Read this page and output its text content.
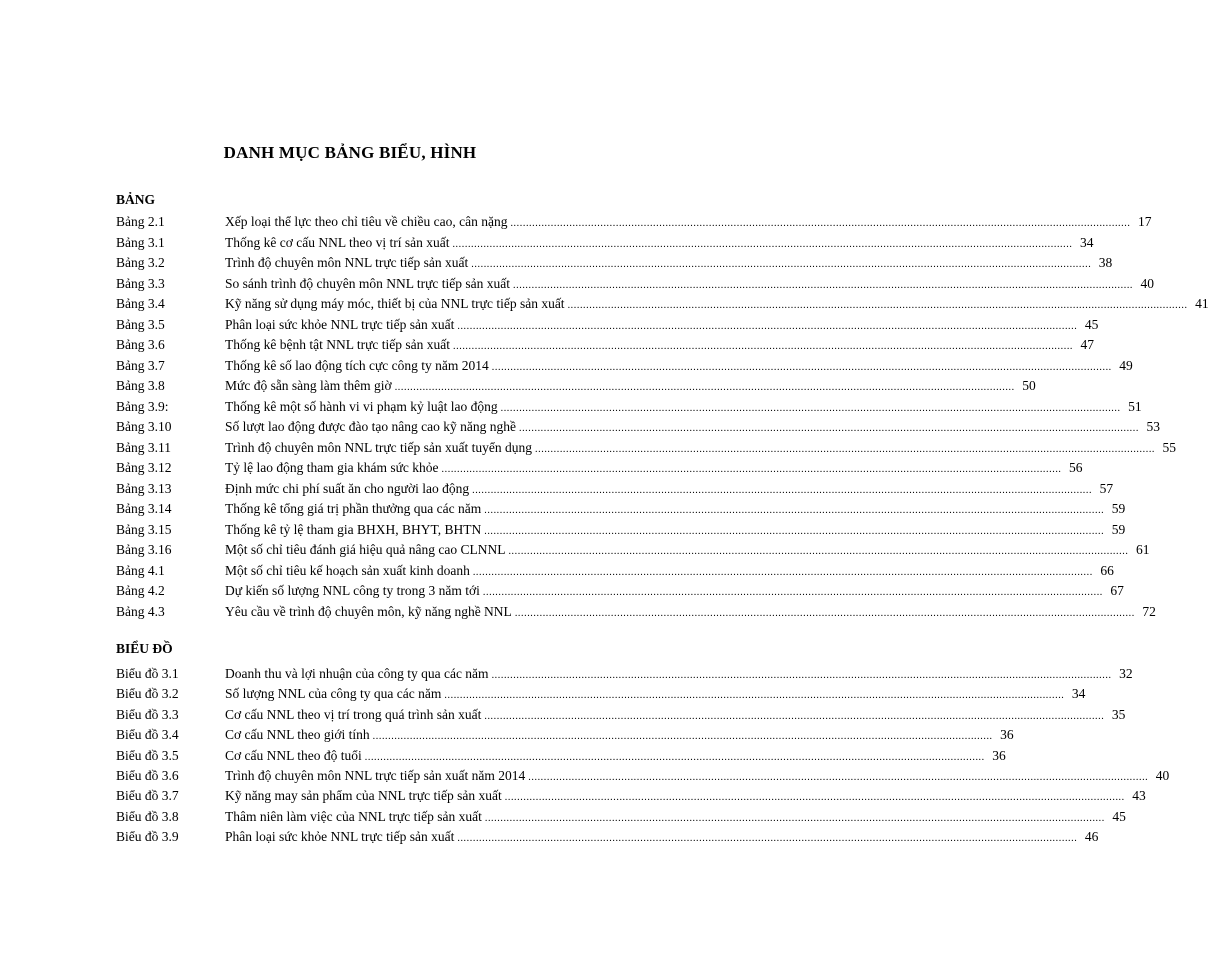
DANH MỤC BẢNG BIỂU, HÌNH
BẢNG
Bảng 2.1	Xếp loại thể lực theo chỉ tiêu về chiều cao, cân nặng ........................................................................................................................................................................................................ 17
Bảng 3.1	Thống kê cơ cấu NNL theo vị trí sản xuất ........................................................................................................................................................................................................ 34
Bảng 3.2	Trình độ chuyên môn NNL trực tiếp sản xuất ........................................................................................................................................................................................................ 38
Bảng 3.3	So sánh trình độ chuyên môn NNL trực tiếp sản xuất ........................................................................................................................................................................................................ 40
Bảng 3.4	Kỹ năng sử dụng máy móc, thiết bị của NNL trực tiếp sản xuất ........................................................................................................................................................................................................ 41
Bảng 3.5	Phân loại sức khỏe NNL trực tiếp sản xuất ........................................................................................................................................................................................................ 45
Bảng 3.6	Thống kê bệnh tật NNL trực tiếp sản xuất ........................................................................................................................................................................................................ 47
Bảng 3.7	Thống kê số lao động tích cực công ty năm 2014 ........................................................................................................................................................................................................ 49
Bảng 3.8	Mức độ sẵn sàng làm thêm giờ ........................................................................................................................................................................................................ 50
Bảng 3.9:	Thống kê một số hành vi vi phạm kỷ luật lao động ........................................................................................................................................................................................................ 51
Bảng 3.10	Số lượt lao động được đào tạo nâng cao kỹ năng nghề ........................................................................................................................................................................................................ 53
Bảng 3.11	Trình độ chuyên môn NNL trực tiếp sản xuất tuyển dụng ........................................................................................................................................................................................................ 55
Bảng 3.12	Tỷ lệ lao động tham gia khám sức khỏe ........................................................................................................................................................................................................ 56
Bảng 3.13	Định mức chi phí suất ăn cho người lao động ........................................................................................................................................................................................................ 57
Bảng 3.14	Thống kê tổng giá trị phần thưởng qua các năm ........................................................................................................................................................................................................ 59
Bảng 3.15	Thống kê tỷ lệ tham gia BHXH, BHYT, BHTN ........................................................................................................................................................................................................ 59
Bảng 3.16	Một số chỉ tiêu đánh giá hiệu quả nâng cao CLNNL ........................................................................................................................................................................................................ 61
Bảng 4.1	Một số chỉ tiêu kế hoạch sản xuất kinh doanh ........................................................................................................................................................................................................ 66
Bảng 4.2	Dự kiến số lượng NNL công ty trong 3 năm tới ........................................................................................................................................................................................................ 67
Bảng 4.3	Yêu cầu về trình độ chuyên môn, kỹ năng nghề NNL ........................................................................................................................................................................................................ 72
BIỂU ĐỒ
Biểu đồ 3.1	Doanh thu và lợi nhuận của công ty qua các năm ........................................................................................................................................................................................................ 32
Biểu đồ 3.2	Số lượng NNL của công ty qua các năm ........................................................................................................................................................................................................ 34
Biểu đồ 3.3	Cơ cấu NNL theo vị trí trong quá trình sản xuất ........................................................................................................................................................................................................ 35
Biểu đồ 3.4	Cơ cấu NNL theo giới tính ........................................................................................................................................................................................................ 36
Biểu đồ 3.5	Cơ cấu NNL theo độ tuổi ........................................................................................................................................................................................................ 36
Biểu đồ 3.6	Trình độ chuyên môn NNL trực tiếp sản xuất năm 2014 ........................................................................................................................................................................................................ 40
Biểu đồ 3.7	Kỹ năng may sản phẩm của NNL trực tiếp sản xuất ........................................................................................................................................................................................................ 43
Biểu đồ 3.8	Thâm niên làm việc của NNL trực tiếp sản xuất ........................................................................................................................................................................................................ 45
Biểu đồ 3.9	Phân loại sức khỏe NNL trực tiếp sản xuất ........................................................................................................................................................................................................ 46
